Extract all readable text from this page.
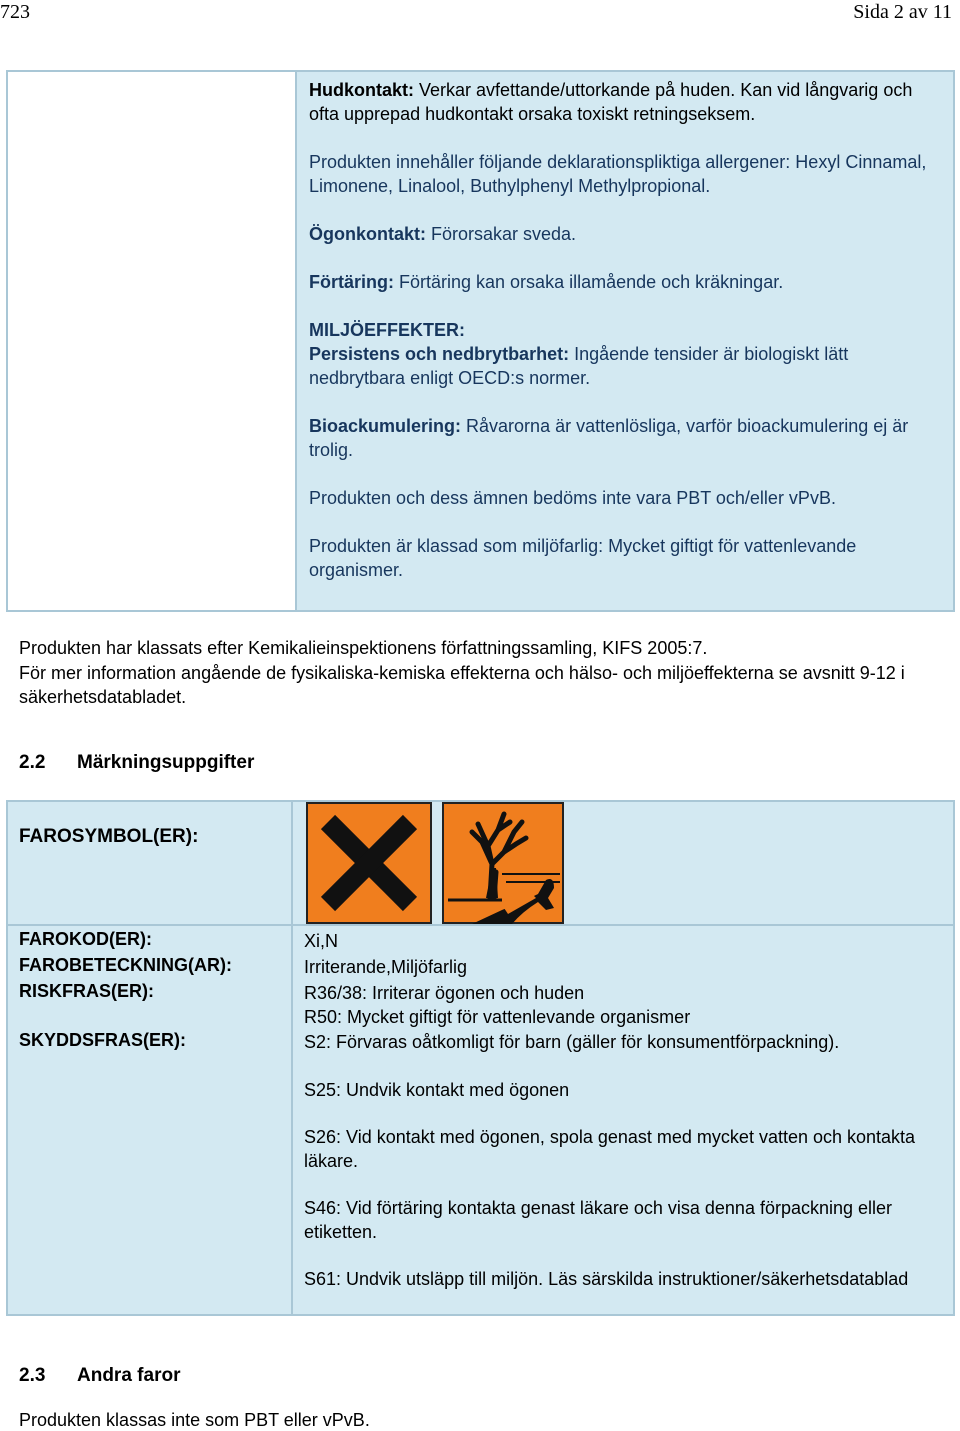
723	Sida 2 av 11

Hudkontakt: Verkar avfettande/uttorkande på huden. Kan vid långvarig och ofta upprepad hudkontakt orsaka toxiskt retningseksem.

Produkten innehåller följande deklarationspliktiga allergener: Hexyl Cinnamal, Limonene, Linalool, Buthylphenyl Methylpropional.

Ögonkontakt: Förorsakar sveda.

Förtäring: Förtäring kan orsaka illamående och kräkningar.

MILJÖEFFEKTER:
Persistens och nedbrytbarhet: Ingående tensider är biologiskt lätt nedbrytbara enligt OECD:s normer.

Bioackumulering: Råvarorna är vattenlösliga, varför bioackumulering ej är trolig.

Produkten och dess ämnen bedöms inte vara PBT och/eller vPvB.

Produkten är klassad som miljöfarlig: Mycket giftigt för vattenlevande organismer.

Produkten har klassats efter Kemikalieinspektionens författningssamling, KIFS 2005:7.
För mer information angående de fysikaliska-kemiska effekterna och hälso- och miljöeffekterna se avsnitt 9-12 i säkerhetsdatabladet.
2.2 Märkningsuppgifter
FAROSYMBOL(ER):
FAROKOD(ER):
FAROBETECKNING(AR):
RISKFRAS(ER):
SKYDDSFRAS(ER):
Xi,N
Irriterande,Miljöfarlig
R36/38: Irriterar ögonen och huden
R50: Mycket giftigt för vattenlevande organismer
S2: Förvaras oåtkomligt för barn (gäller för konsumentförpackning).
S25: Undvik kontakt med ögonen
S26: Vid kontakt med ögonen, spola genast med mycket vatten och kontakta läkare.
S46: Vid förtäring kontakta genast läkare och visa denna förpackning eller etiketten.
S61: Undvik utsläpp till miljön. Läs särskilda instruktioner/säkerhetsdatablad
2.3 Andra faror
Produkten klassas inte som PBT eller vPvB.
